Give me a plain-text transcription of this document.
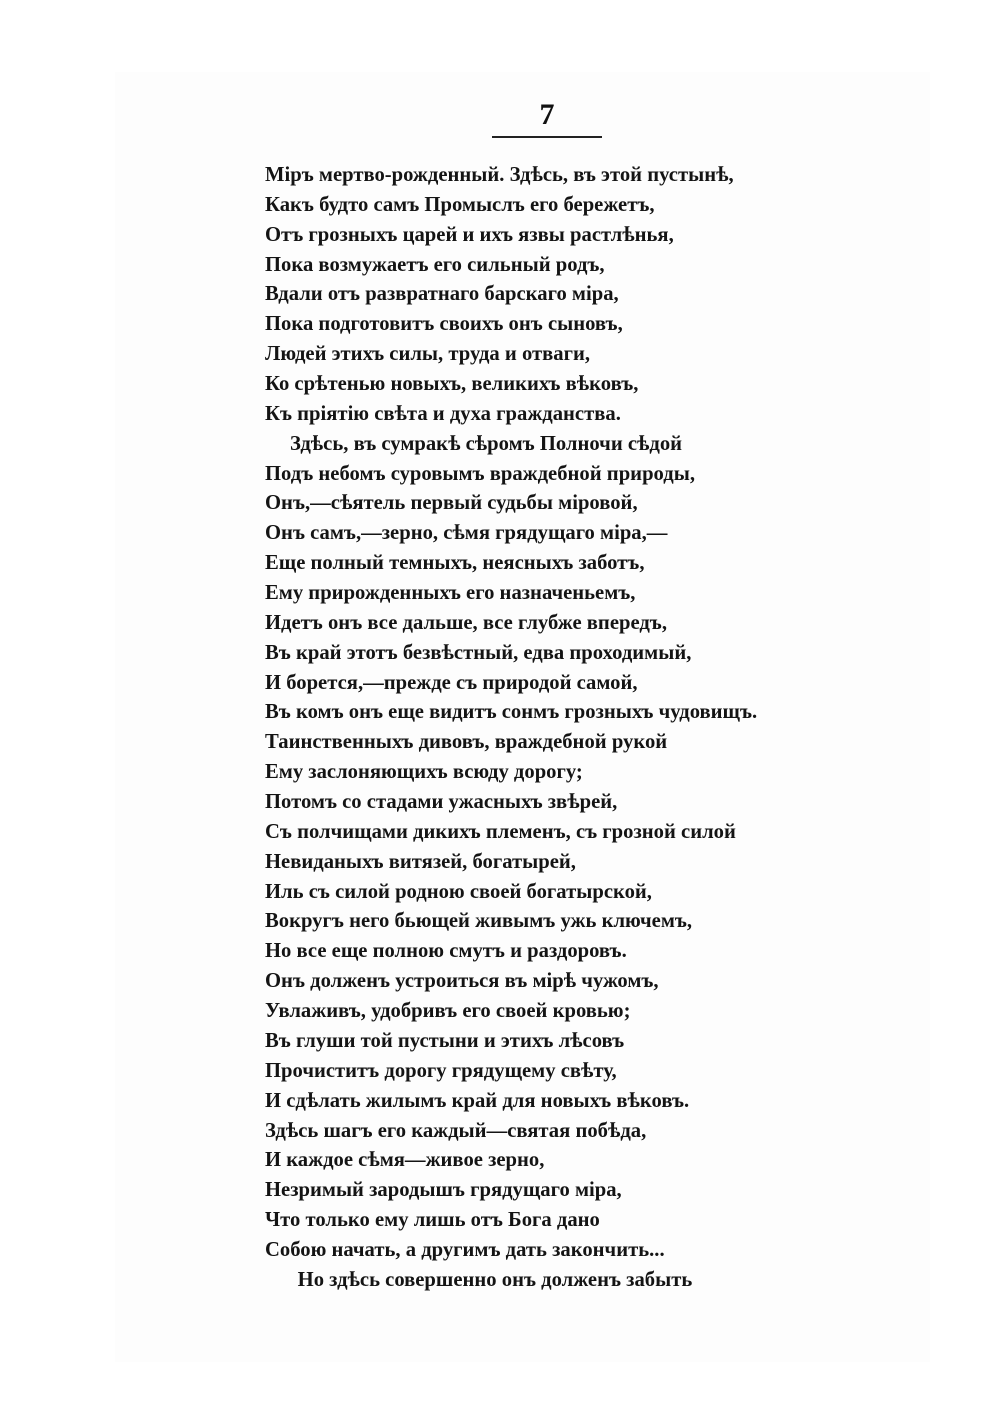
7
Міръ мертво-рожденный. Здѣсь, въ этой пустынѣ,
Какъ будто самъ Промыслъ его бережетъ,
Отъ грозныхъ царей и ихъ язвы растлѣнья,
Пока возмужаетъ его сильный родъ,
Вдали отъ развратнаго барскаго міра,
Пока подготовитъ своихъ онъ сыновъ,
Людей этихъ силы, труда и отваги,
Ко срѣтенью новыхъ, великихъ вѣковъ,
Къ пріятію свѣта и духа гражданства.
Здѣсь, въ сумракѣ сѣромъ Полночи сѣдой
Подъ небомъ суровымъ враждебной природы,
Онъ,—сѣятель первый судьбы міровой,
Онъ самъ,—зерно, сѣмя грядущаго міра,—
Еще полный темныхъ, неясныхъ заботъ,
Ему прирожденныхъ его назначеньемъ,
Идетъ онъ все дальше, все глубже впередъ,
Въ край этотъ безвѣстный, едва проходимый,
И борется,—прежде съ природой самой,
Въ комъ онъ еще видитъ сонмъ грозныхъ чудовищъ.
Таинственныхъ дивовъ, враждебной рукой
Ему заслоняющихъ всюду дорогу;
Потомъ со стадами ужасныхъ звѣрей,
Съ полчищами дикихъ племенъ, съ грозной силой
Невиданыхъ витязей, богатырей,
Иль съ силой родною своей богатырской,
Вокругъ него бьющей живымъ ужь ключемъ,
Но все еще полною смутъ и раздоровъ.
Онъ долженъ устроиться въ мірѣ чужомъ,
Увлаживъ, удобривъ его своей кровью;
Въ глуши той пустыни и этихъ лѣсовъ
Прочиститъ дорогу грядущему свѣту,
И сдѣлать жилымъ край для новыхъ вѣковъ.
Здѣсь шагъ его каждый—святая побѣда,
И каждое сѣмя—живое зерно,
Незримый зародышъ грядущаго міра,
Что только ему лишь отъ Бога дано
Собою начать, а другимъ дать закончить...
Но здѣсь совершенно онъ долженъ забыть
